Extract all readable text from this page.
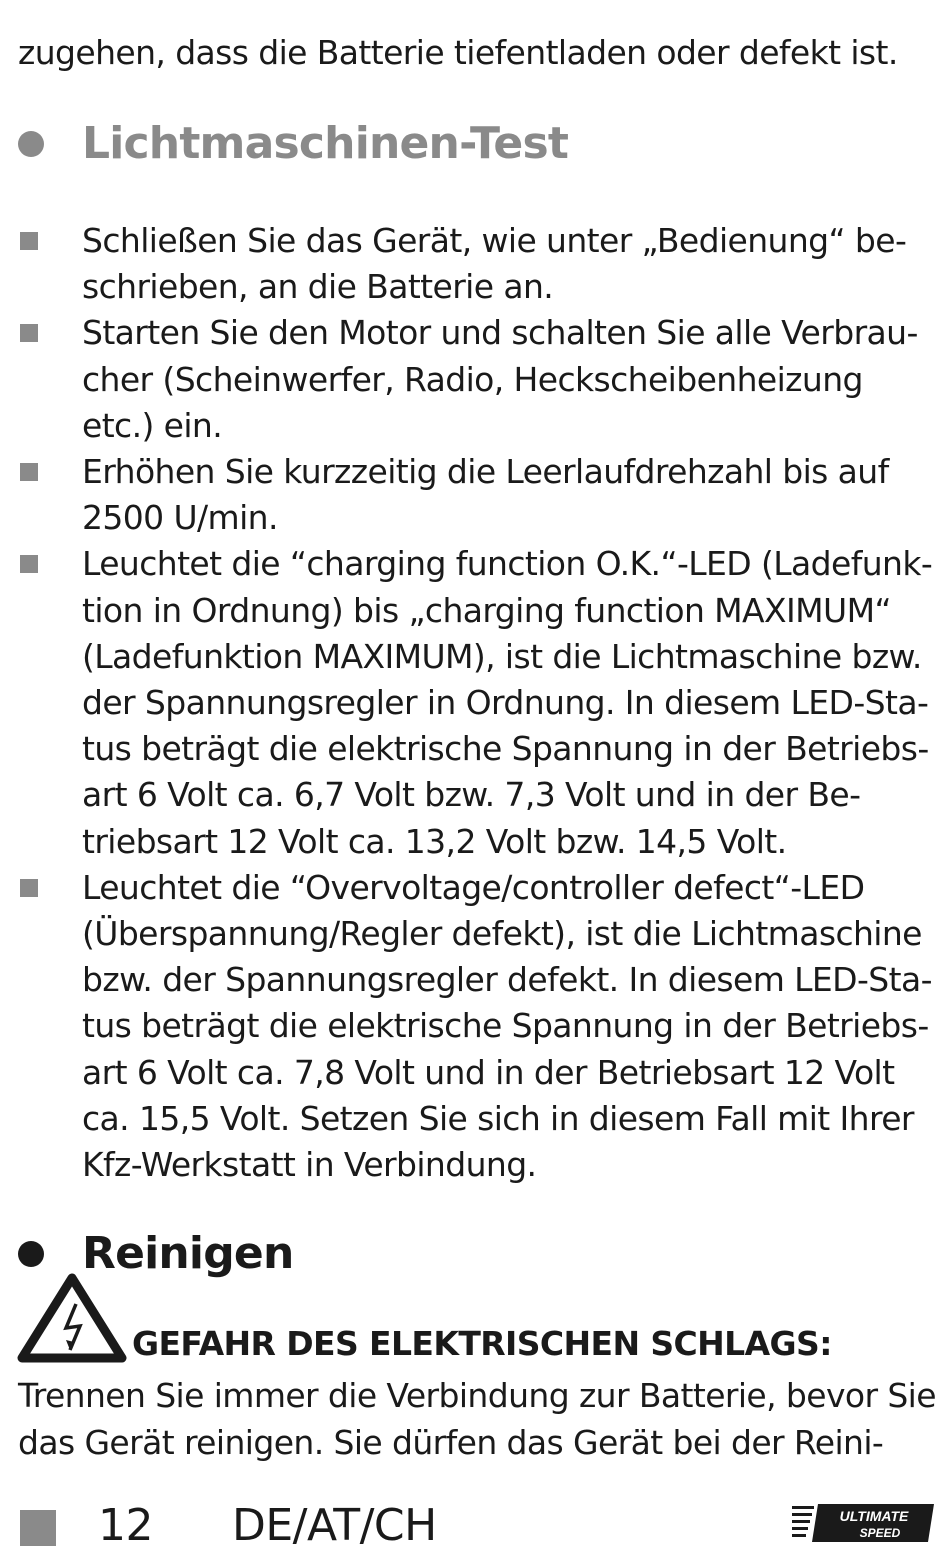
zugehen, dass die Batterie tiefentladen oder defekt ist.
Lichtmaschinen-Test
Schließen Sie das Gerät, wie unter „Bedienung“ be-
schrieben, an die Batterie an.
Starten Sie den Motor und schalten Sie alle Verbrau-
cher (Scheinwerfer, Radio, Heckscheibenheizung
etc.) ein.
Erhöhen Sie kurzzeitig die Leerlaufdrehzahl bis auf
2500 U/min.
Leuchtet die “charging function O.K.“-LED (Ladefunk-
tion in Ordnung) bis „charging function MAXIMUM“
(Ladefunktion MAXIMUM), ist die Lichtmaschine bzw.
der Spannungsregler in Ordnung. In diesem LED-Sta-
tus beträgt die elektrische Spannung in der Betriebs-
art 6 Volt ca. 6,7 Volt bzw. 7,3 Volt und in der Be-
triebsart 12 Volt ca. 13,2 Volt bzw. 14,5 Volt.
Leuchtet die “Overvoltage/controller defect“-LED
(Überspannung/Regler defekt), ist die Lichtmaschine
bzw. der Spannungsregler defekt. In diesem LED-Sta-
tus beträgt die elektrische Spannung in der Betriebs-
art 6 Volt ca. 7,8 Volt und in der Betriebsart 12 Volt
ca. 15,5 Volt. Setzen Sie sich in diesem Fall mit Ihrer
Kfz-Werkstatt in Verbindung.
Reinigen
GEFAHR DES ELEKTRISCHEN SCHLAGS:
Trennen Sie immer die Verbindung zur Batterie, bevor Sie
das Gerät reinigen. Sie dürfen das Gerät bei der Reini-
12 DE/AT/CH	ULTIMATE
SPEED
